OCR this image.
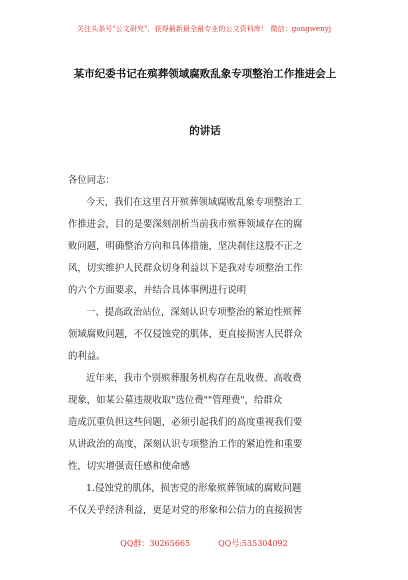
关注头条号"公文研究"，获得最新最全最专业的公文资料库！ 微信：gongwenyj
某市纪委书记在殡葬领域腐败乱象专项整治工作推进会上
的讲话
各位同志：
今天，我们在这里召开殡葬领域腐败乱象专项整治工
作推进会，目的是要深刻剖析当前我市殡葬领域存在的腐
败问题，明确整治方向和具体措施，坚决刹住这股不正之
风，切实维护人民群众切身利益以下是我对专项整治工作
的六个方面要求，并结合具体事例进行说明
一、提高政治站位，深刻认识专项整治的紧迫性殡葬
领域腐败问题，不仅侵蚀党的肌体，更直接损害人民群众
的利益。
近年来，我市个别殡葬服务机构存在乱收费、高收费
现象，如某公墓违规收取"选位费""管理费"，给群众
造成沉重负担这些问题，必须引起我们的高度重视我们要
从讲政治的高度，深刻认识专项整治工作的紧迫性和重要
性，切实增强责任感和使命感
1.侵蚀党的肌体，损害党的形象殡葬领域的腐败问题
不仅关乎经济利益，更是对党的形象和公信力的直接损害
QQ群：30265665	QQ号:535304092
